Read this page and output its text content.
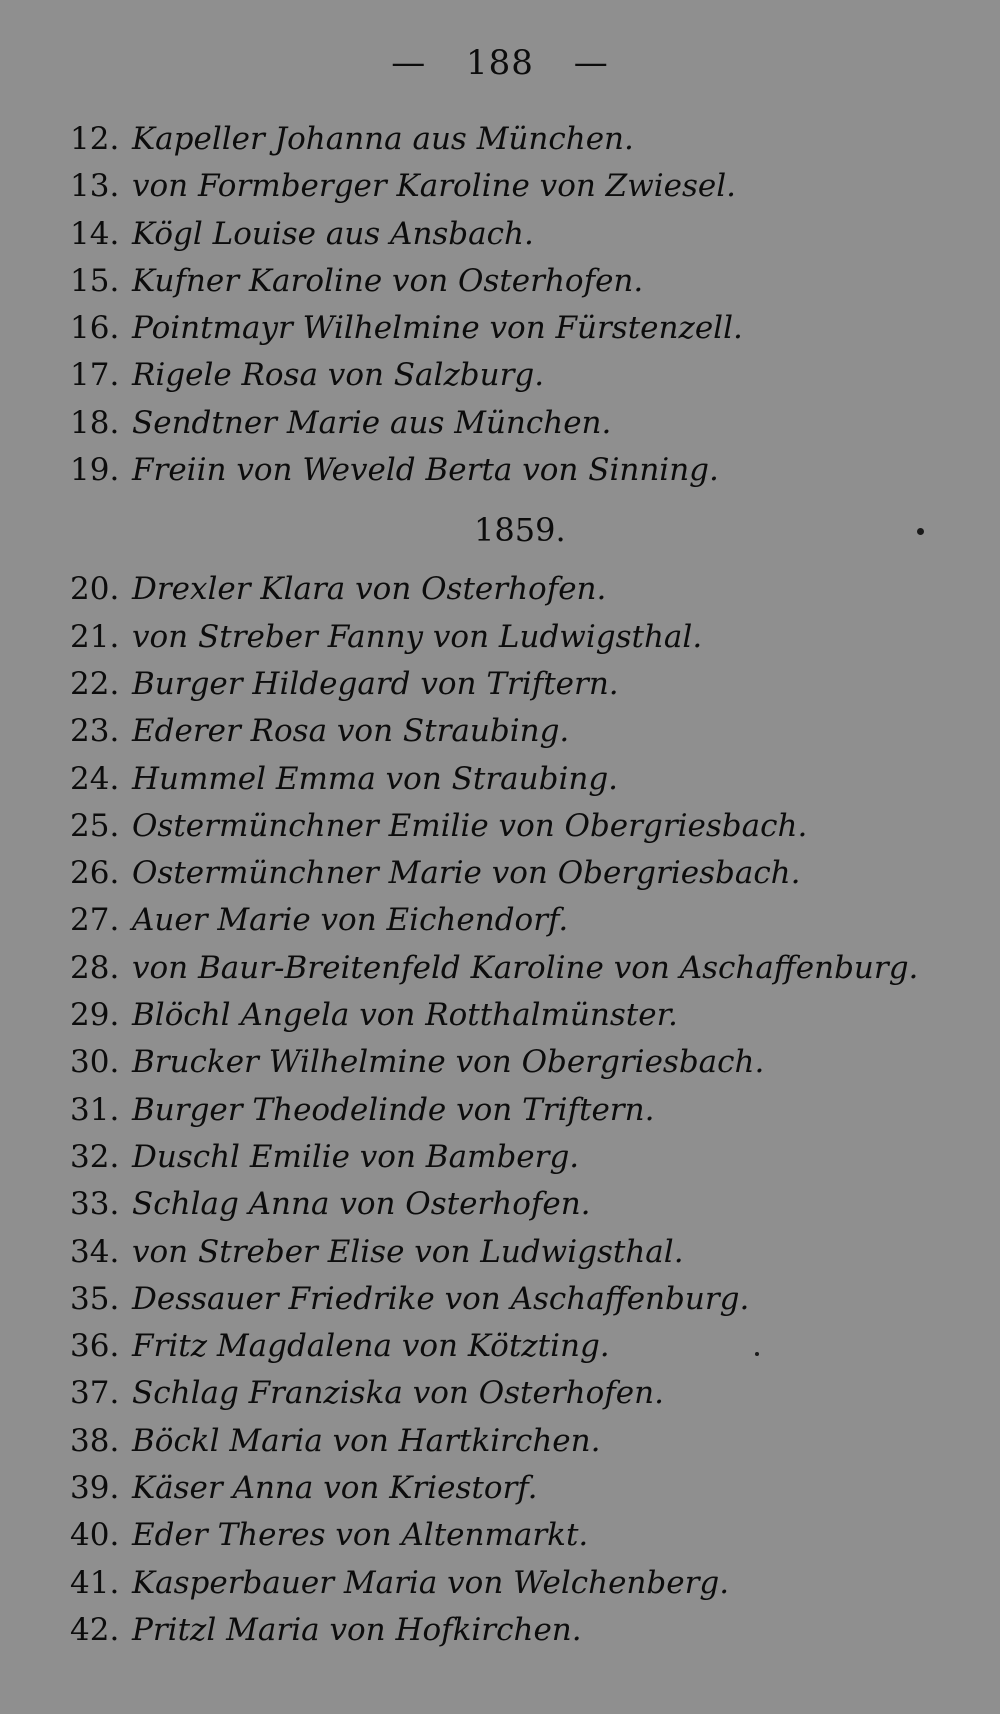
— 188 —
12. Kapeller Johanna aus München.
13. von Formberger Karoline von Zwiesel.
14. Kögl Louise aus Ansbach.
15. Kufner Karoline von Osterhofen.
16. Pointmayr Wilhelmine von Fürstenzell.
17. Rigele Rosa von Salzburg.
18. Sendtner Marie aus München.
19. Freiin von Weveld Berta von Sinning.
1859.
20. Drexler Klara von Osterhofen.
21. von Streber Fanny von Ludwigsthal.
22. Burger Hildegard von Triftern.
23. Ederer Rosa von Straubing.
24. Hummel Emma von Straubing.
25. Ostermünchner Emilie von Obergriesbach.
26. Ostermünchner Marie von Obergriesbach.
27. Auer Marie von Eichendorf.
28. von Baur-Breitenfeld Karoline von Aschaffenburg.
29. Blöchl Angela von Rotthalmünster.
30. Brucker Wilhelmine von Obergriesbach.
31. Burger Theodelinde von Triftern.
32. Duschl Emilie von Bamberg.
33. Schlag Anna von Osterhofen.
34. von Streber Elise von Ludwigsthal.
35. Dessauer Friedrike von Aschaffenburg.
36. Fritz Magdalena von Kötzting.
37. Schlag Franziska von Osterhofen.
38. Böckl Maria von Hartkirchen.
39. Käser Anna von Kriestorf.
40. Eder Theres von Altenmarkt.
41. Kasperbauer Maria von Welchenberg.
42. Pritzl Maria von Hofkirchen.
